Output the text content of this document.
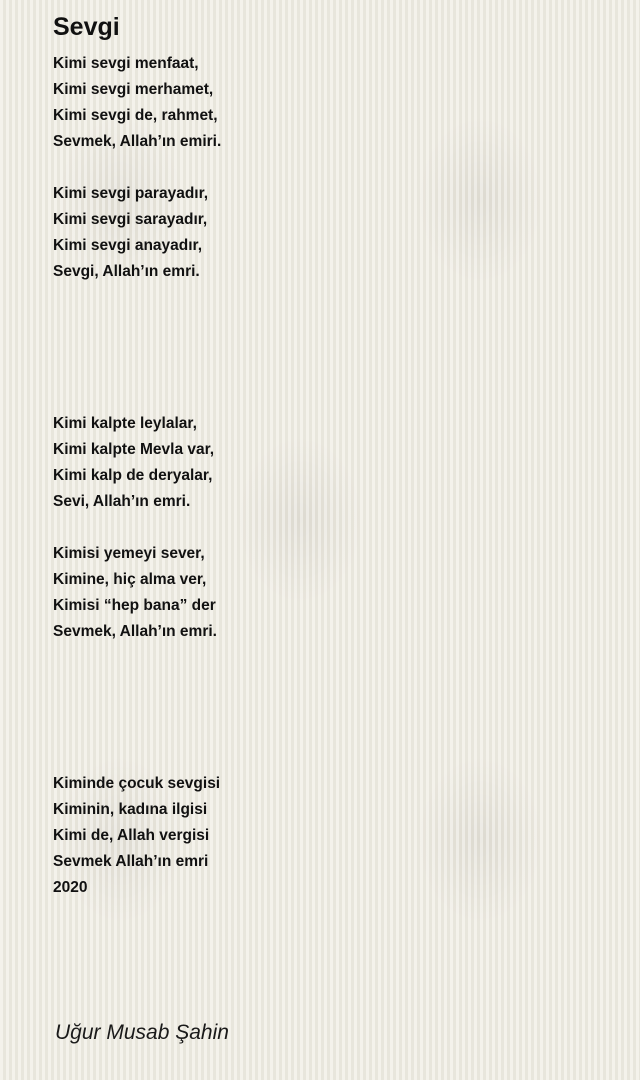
Sevgi
Kimi sevgi menfaat,
Kimi sevgi merhamet,
Kimi sevgi de, rahmet,
Sevmek, Allah’ın emiri.
Kimi sevgi parayadır,
Kimi sevgi sarayadır,
Kimi sevgi anayadır,
Sevgi, Allah’ın emri.
Kimi kalpte leylalar,
Kimi kalpte Mevla var,
Kimi kalp de deryalar,
Sevi, Allah’ın emri.
Kimisi yemeyi sever,
Kimine, hiç alma ver,
Kimisi “hep bana” der
Sevmek, Allah’ın emri.
Kiminde çocuk sevgisi
Kiminin, kadına ilgisi
Kimi de, Allah vergisi
Sevmek Allah’ın emri
2020
Uğur Musab Şahin
